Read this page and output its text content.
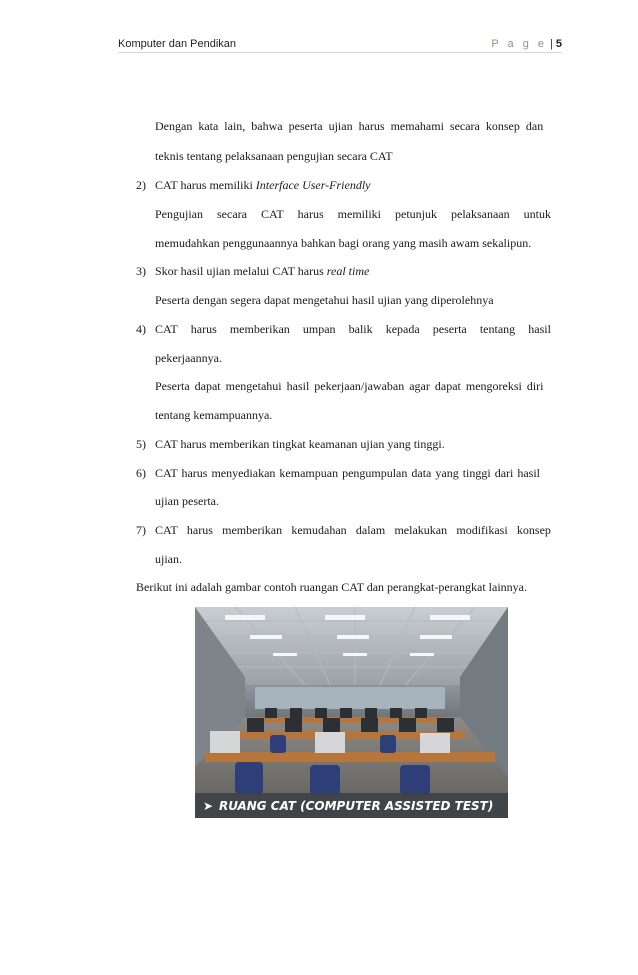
Komputer dan Pendikan	P a g e | 5
Dengan kata lain, bahwa peserta ujian harus memahami secara konsep dan
teknis tentang pelaksanaan pengujian secara CAT
2) CAT harus memiliki Interface User-Friendly
Pengujian secara CAT harus memiliki petunjuk pelaksanaan untuk
memudahkan penggunaannya bahkan bagi orang yang masih awam sekalipun.
3) Skor hasil ujian melalui CAT harus real time
Peserta dengan segera dapat mengetahui hasil ujian yang diperolehnya
4) CAT harus memberikan umpan balik kepada peserta tentang hasil
pekerjaannya.
Peserta dapat mengetahui hasil pekerjaan/jawaban agar dapat mengoreksi diri
tentang kemampuannya.
5) CAT harus memberikan tingkat keamanan ujian yang tinggi.
6) CAT harus menyediakan kemampuan pengumpulan data yang tinggi dari hasil
ujian peserta.
7) CAT harus memberikan kemudahan dalam melakukan modifikasi konsep
ujian.
Berikut ini adalah gambar contoh ruangan CAT dan perangkat-perangkat lainnya.
➤ RUANG CAT (COMPUTER ASSISTED TEST)
